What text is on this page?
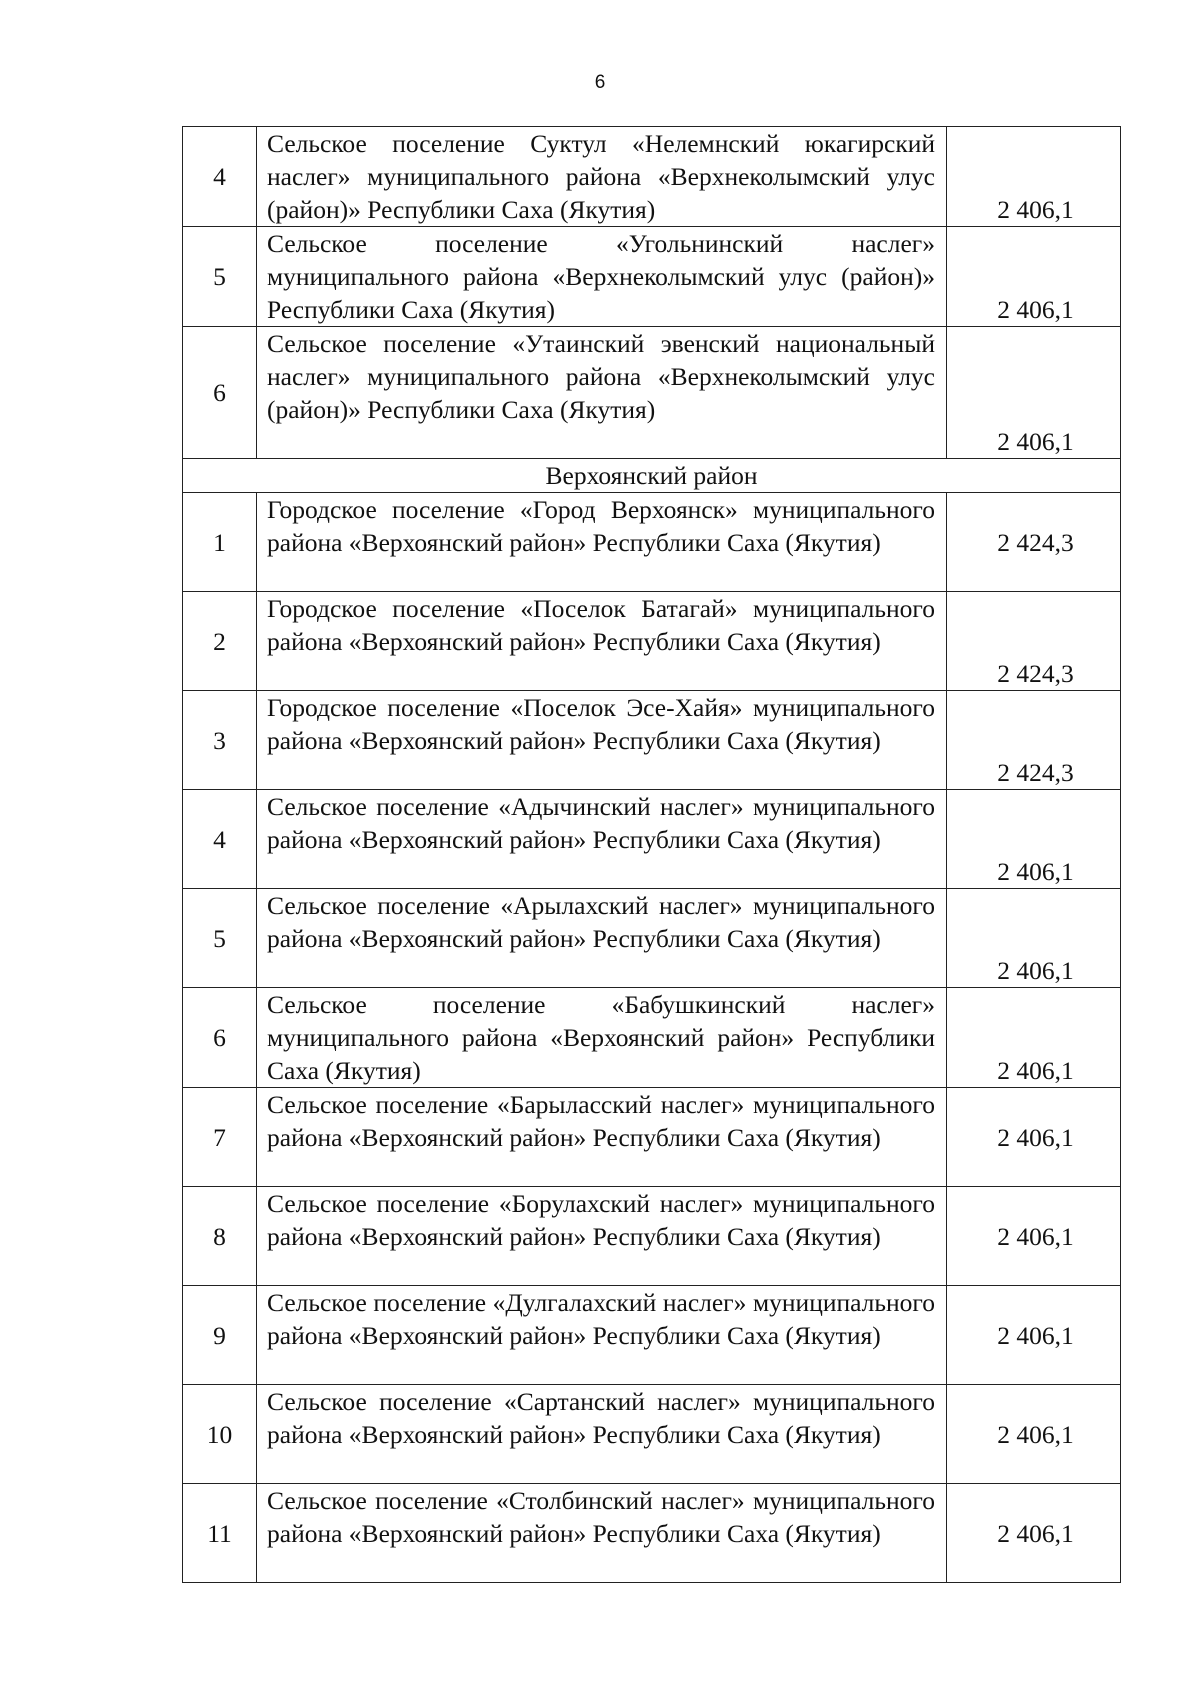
6
4	Сельское поселение Суктул «Нелемнский юкагирский наслег» муниципального района «Верхнеколымский улус (район)» Республики Саха (Якутия)	2 406,1
5	Сельское поселение «Угольнинский наслег» муниципального района «Верхнеколымский улус (район)» Республики Саха (Якутия)	2 406,1
6	Сельское поселение «Утаинский эвенский национальный наслег» муниципального района «Верхнеколымский улус (район)» Республики Саха (Якутия)	2 406,1
Верхоянский район		
1	Городское поселение «Город Верхоянск» муниципального района «Верхоянский район» Республики Саха (Якутия)	2 424,3
2	Городское поселение «Поселок Батагай» муниципального района «Верхоянский район» Республики Саха (Якутия)	2 424,3
3	Городское поселение «Поселок Эсе-Хайя» муниципального района «Верхоянский район» Республики Саха (Якутия)	2 424,3
4	Сельское поселение «Адычинский наслег» муниципального района «Верхоянский район» Республики Саха (Якутия)	2 406,1
5	Сельское поселение «Арылахский наслег» муниципального района «Верхоянский район» Республики Саха (Якутия)	2 406,1
6	Сельское поселение «Бабушкинский наслег» муниципального района «Верхоянский район» Республики Саха (Якутия)	2 406,1
7	Сельское поселение «Барыласский наслег» муниципального района «Верхоянский район» Республики Саха (Якутия)	2 406,1
8	Сельское поселение «Борулахский наслег» муниципального района «Верхоянский район» Республики Саха (Якутия)	2 406,1
9	Сельское поселение «Дулгалахский наслег» муниципального района «Верхоянский район» Республики Саха (Якутия)	2 406,1
10	Сельское поселение «Сартанский наслег» муниципального района «Верхоянский район» Республики Саха (Якутия)	2 406,1
11	Сельское поселение «Столбинский наслег» муниципального района «Верхоянский район» Республики Саха (Якутия)	2 406,1
